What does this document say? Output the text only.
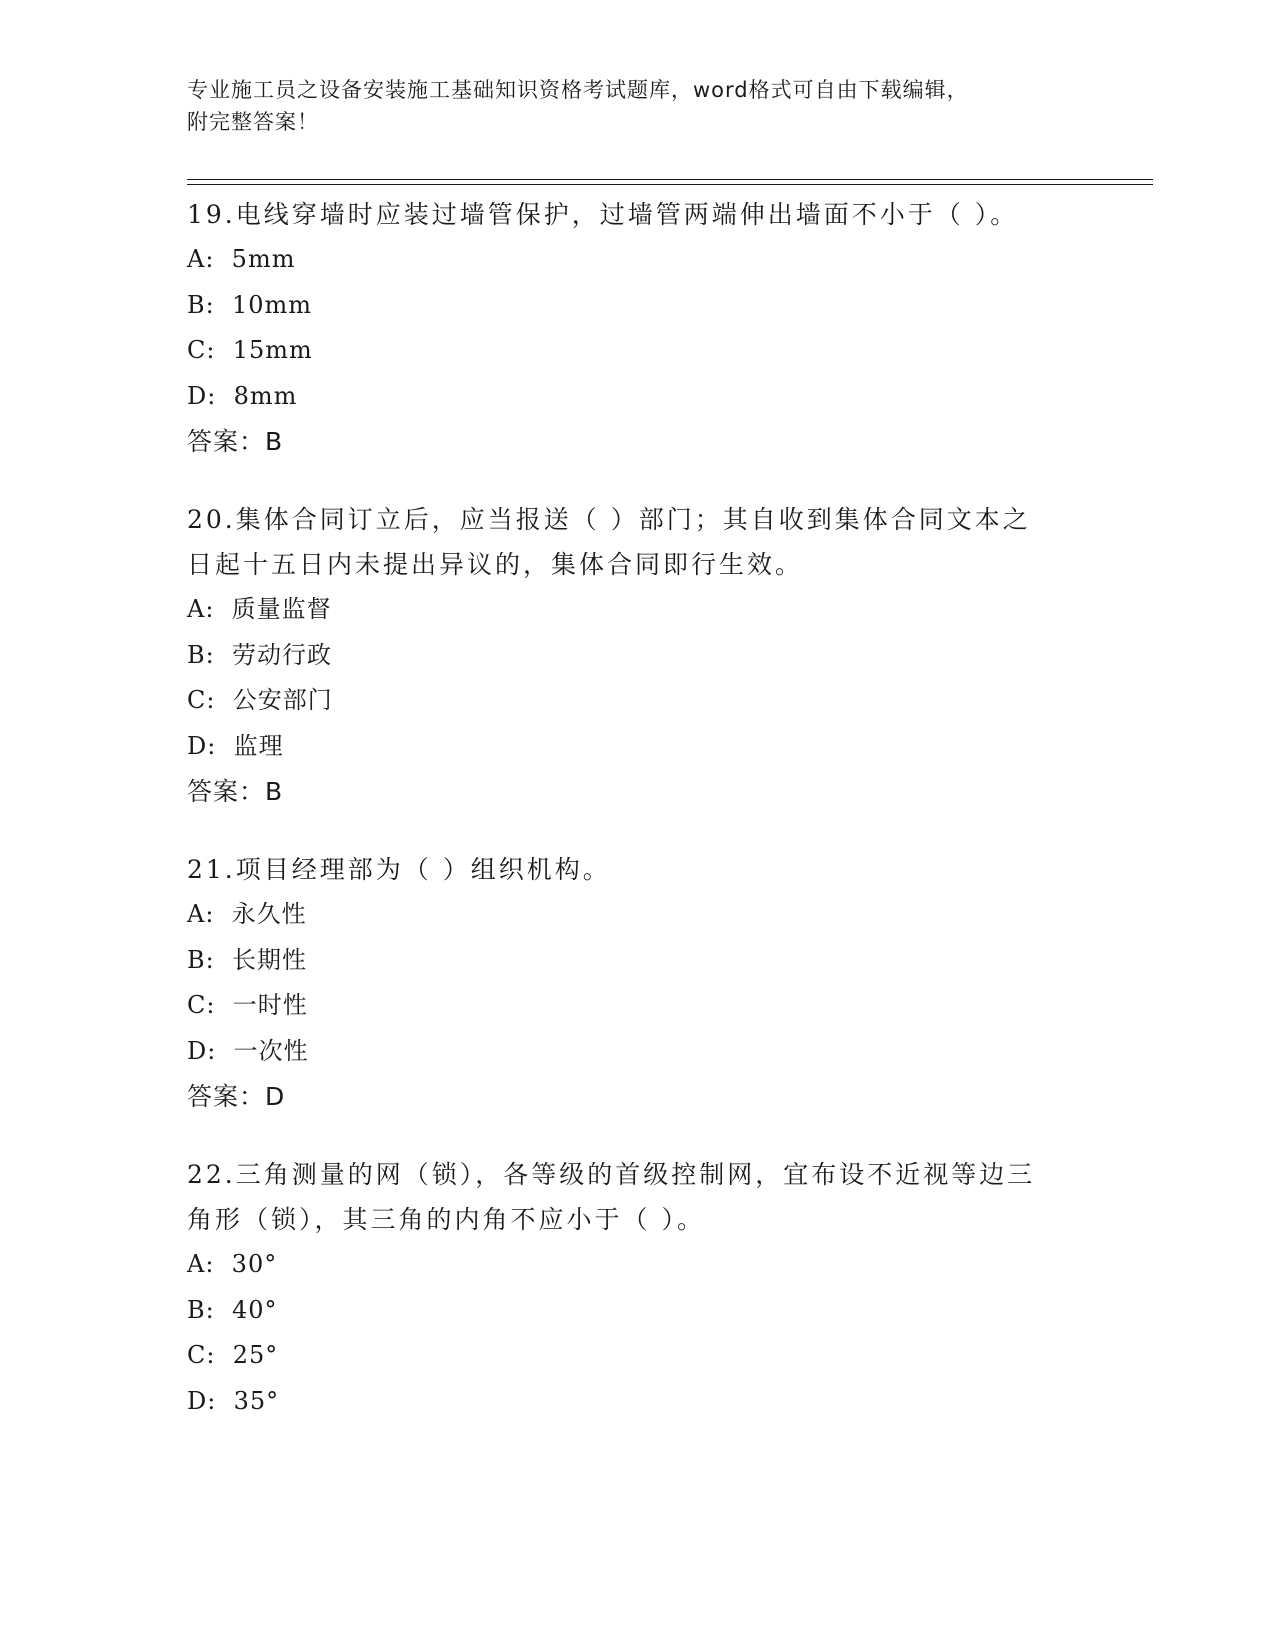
专业施工员之设备安装施工基础知识资格考试题库，word格式可自由下载编辑，
附完整答案！
19.电线穿墙时应装过墙管保护，过墙管两端伸出墙面不小于（ ）。
A:  5mm
B:  10mm
C:  15mm
D:  8mm
答案：B
20.集体合同订立后，应当报送（ ）部门；其自收到集体合同文本之
日起十五日内未提出异议的，集体合同即行生效。
A:  质量监督
B:  劳动行政
C:  公安部门
D:  监理
答案：B
21.项目经理部为（ ）组织机构。
A:  永久性
B:  长期性
C:  一时性
D:  一次性
答案：D
22.三角测量的网（锁），各等级的首级控制网，宜布设不近视等边三
角形（锁），其三角的内角不应小于（ ）。
A:  30°
B:  40°
C:  25°
D:  35°
